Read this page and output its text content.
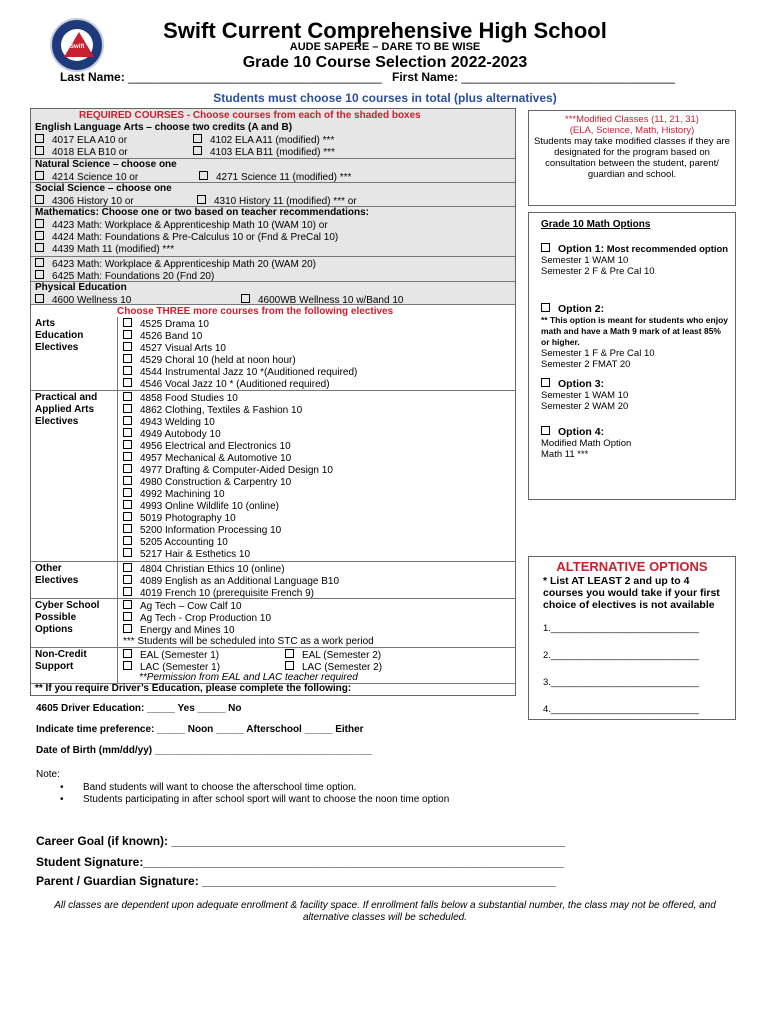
Swift
Swift Current Comprehensive High School
AUDE SAPERE – DARE TO BE WISE
Grade 10 Course Selection 2022-2023
Last Name: ______________________________________ First Name: ________________________________
Students must choose 10 courses in total (plus alternatives)
REQUIRED COURSES - Choose courses from each of the shaded boxes
English Language Arts – choose two credits (A and B)
4017 ELA A10 or	4102 ELA A11 (modified) ***
4018 ELA B10 or	4103 ELA B11 (modified) ***
Natural Science – choose one
4214 Science 10 or	4271 Science 11 (modified) ***
Social Science – choose one
4306 History 10 or	4310 History 11 (modified) *** or
Mathematics: Choose one or two based on teacher recommendations:
4423 Math: Workplace & Apprenticeship Math 10 (WAM 10) or
4424 Math: Foundations & Pre-Calculus 10 or (Fnd & PreCal 10)
4439 Math 11 (modified) ***
6423 Math: Workplace & Apprenticeship Math 20 (WAM 20)
6425 Math: Foundations 20 (Fnd 20)
Physical Education
4600 Wellness 10	4600WB Wellness 10 w/Band 10
Choose THREE more courses from the following electives
Arts
Education
Electives
4525 Drama 10
4526 Band 10
4527 Visual Arts 10
4529 Choral 10 (held at noon hour)
4544 Instrumental Jazz 10 *(Auditioned required)
4546 Vocal Jazz 10 * (Auditioned required)
Practical and
Applied Arts
Electives
4858 Food Studies 10
4862 Clothing, Textiles & Fashion 10
4943 Welding 10
4949 Autobody 10
4956 Electrical and Electronics 10
4957 Mechanical & Automotive 10
4977 Drafting & Computer-Aided Design 10
4980 Construction & Carpentry 10
4992 Machining 10
4993 Online Wildlife 10 (online)
5019 Photography 10
5200 Information Processing 10
5205 Accounting 10
5217 Hair & Esthetics 10
Other
Electives
4804 Christian Ethics 10 (online)
4089 English as an Additional Language B10
4019 French 10 (prerequisite French 9)
Cyber School
Possible
Options
Ag Tech – Cow Calf 10
Ag Tech - Crop Production 10
Energy and Mines 10
*** Students will be scheduled into STC as a work period
Non-Credit
Support
EAL (Semester 1)	EAL (Semester 2)
LAC (Semester 1)	LAC (Semester 2)
**Permission from EAL and LAC teacher required
** If you require Driver’s Education, please complete the following:
4605 Driver Education: _____ Yes _____ No
Indicate time preference: _____ Noon _____ Afterschool _____ Either
Date of Birth (mm/dd/yy) _______________________________________
Note:
•       Band students will want to choose the afterschool time option.
•       Students participating in after school sport will want to choose the noon time option
***Modified Classes (11, 21, 31)
(ELA, Science, Math, History)
Students may take modified classes if they are designated for the program based on consultation between the student, parent/ guardian and school.
Grade 10 Math Options
Option 1: Most recommended option
Semester 1 WAM 10
Semester 2 F & Pre Cal 10
Option 2:
** This option is meant for students who enjoy math and have a Math 9 mark of at least 85% or higher.
Semester 1 F & Pre Cal 10
Semester 2 FMAT 20
Option 3:
Semester 1 WAM 10
Semester 2 WAM 20
Option 4:
Modified Math Option
Math 11 ***
ALTERNATIVE OPTIONS
* List AT LEAST 2 and up to 4 courses you would take if your first choice of electives is not available
1.____________________________
2.____________________________
3.____________________________
4.____________________________
Career Goal (if known): ___________________________________________________________
Student Signature:_______________________________________________________________
Parent / Guardian Signature: _____________________________________________________
All classes are dependent upon adequate enrollment & facility space. If enrollment falls below a substantial number, the class may not be offered, and alternative classes will be scheduled.
